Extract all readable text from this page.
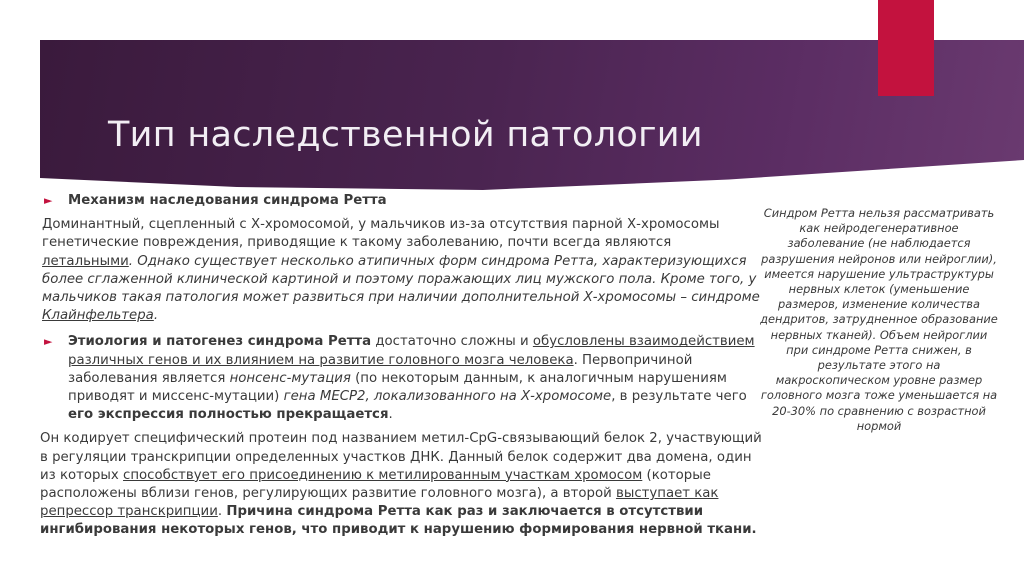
Тип наследственной патологии
►	Механизм наследования синдрома Ретта

Доминантный, сцепленный с Х-хромосомой, у мальчиков из-за отсутствия парной Х-хромосомы генетические повреждения, приводящие к такому заболеванию, почти всегда являются летальными. Однако существует несколько атипичных форм синдрома Ретта, характеризующихся более сглаженной клинической картиной и поэтому поражающих лиц мужского пола. Кроме того, у мальчиков такая патология может развиться при наличии дополнительной Х-хромосомы – синдроме Клайнфельтера.

►	Этиология и патогенез синдрома Ретта достаточно сложны и обусловлены взаимодействием различных генов и их влиянием на развитие головного мозга человека. Первопричиной заболевания является нонсенс-мутация (по некоторым данным, к аналогичным нарушениям приводят и миссенс-мутации) гена MECP2, локализованного на Х-хромосоме, в результате чего его экспрессия полностью прекращается.

Он кодирует специфический протеин под названием метил-CpG-связывающий белок 2, участвующий в регуляции транскрипции определенных участков ДНК. Данный белок содержит два домена, один из которых способствует его присоединению к метилированным участкам хромосом (которые расположены вблизи генов, регулирующих развитие головного мозга), а второй выступает как репрессор транскрипции. Причина синдрома Ретта как раз и заключается в отсутствии ингибирования некоторых генов, что приводит к нарушению формирования нервной ткани.

Синдром Ретта нельзя рассматривать как нейродегенеративное заболевание (не наблюдается разрушения нейронов или нейроглии), имеется нарушение ультраструктуры нервных клеток (уменьшение размеров, изменение количества дендритов, затрудненное образование нервных тканей). Объем нейроглии при синдроме Ретта снижен, в результате этого на макроскопическом уровне размер головного мозга тоже уменьшается на 20-30% по сравнению с возрастной нормой
